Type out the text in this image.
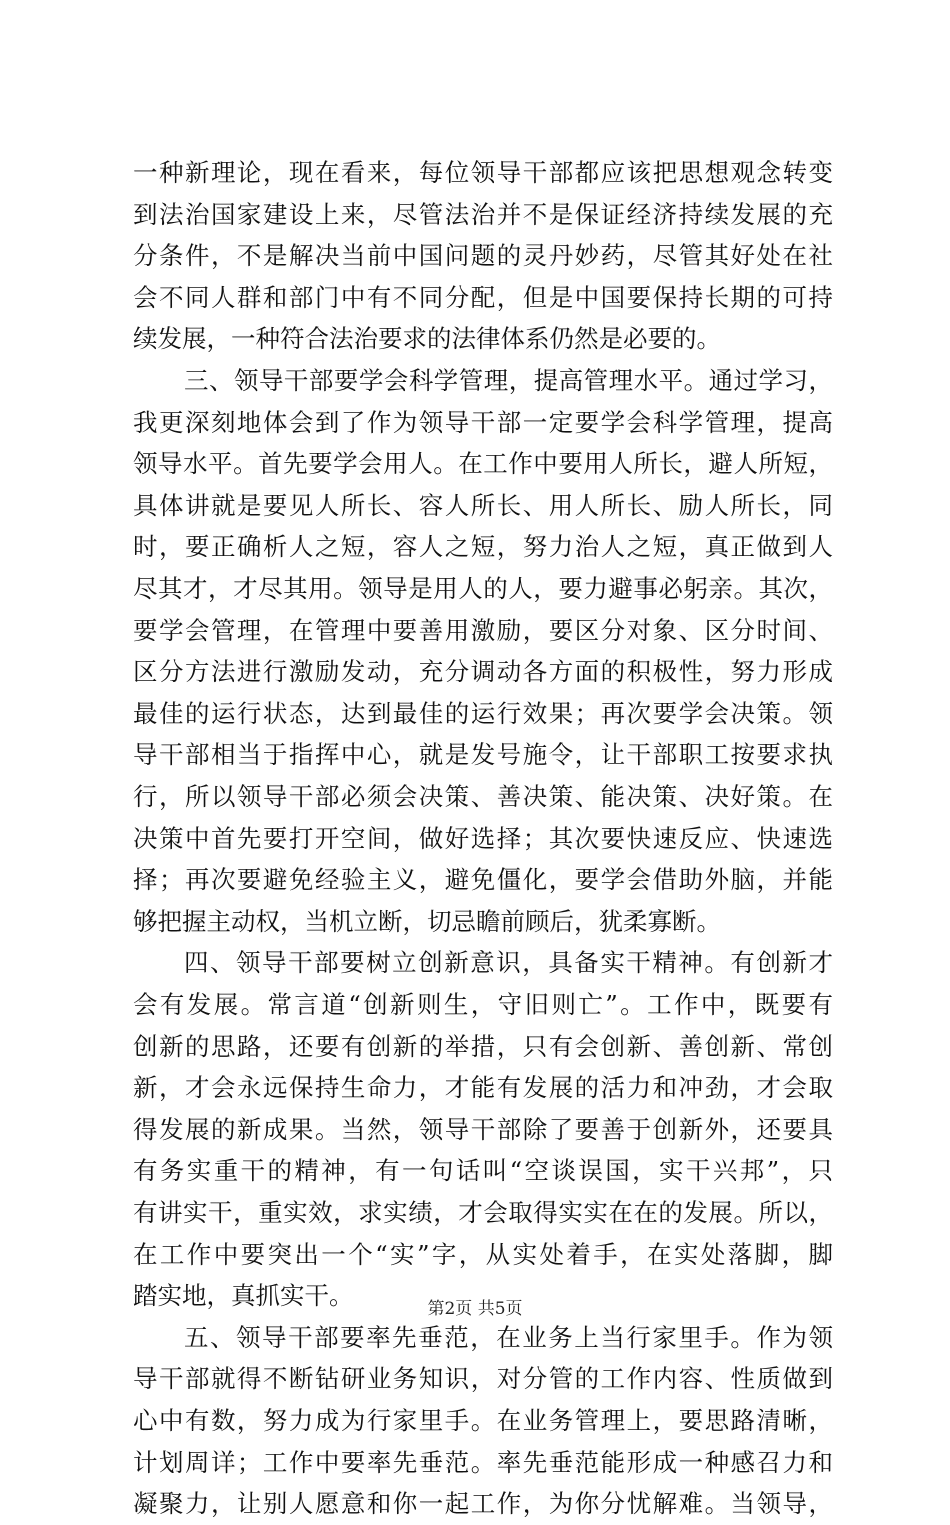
一种新理论，现在看来，每位领导干部都应该把思想观念转变
到法治国家建设上来，尽管法治并不是保证经济持续发展的充
分条件，不是解决当前中国问题的灵丹妙药，尽管其好处在社
会不同人群和部门中有不同分配，但是中国要保持长期的可持
续发展，一种符合法治要求的法律体系仍然是必要的。
三、领导干部要学会科学管理，提高管理水平。通过学习，
我更深刻地体会到了作为领导干部一定要学会科学管理，提高
领导水平。首先要学会用人。在工作中要用人所长，避人所短，
具体讲就是要见人所长、容人所长、用人所长、励人所长，同
时，要正确析人之短，容人之短，努力治人之短，真正做到人
尽其才，才尽其用。领导是用人的人，要力避事必躬亲。其次，
要学会管理，在管理中要善用激励，要区分对象、区分时间、
区分方法进行激励发动，充分调动各方面的积极性，努力形成
最佳的运行状态，达到最佳的运行效果；再次要学会决策。领
导干部相当于指挥中心，就是发号施令，让干部职工按要求执
行，所以领导干部必须会决策、善决策、能决策、决好策。在
决策中首先要打开空间，做好选择；其次要快速反应、快速选
择；再次要避免经验主义，避免僵化，要学会借助外脑，并能
够把握主动权，当机立断，切忌瞻前顾后，犹柔寡断。
四、领导干部要树立创新意识，具备实干精神。有创新才
会有发展。常言道“创新则生，守旧则亡”。工作中，既要有
创新的思路，还要有创新的举措，只有会创新、善创新、常创
新，才会永远保持生命力，才能有发展的活力和冲劲，才会取
得发展的新成果。当然，领导干部除了要善于创新外，还要具
有务实重干的精神，有一句话叫“空谈误国，实干兴邦”，只
有讲实干，重实效，求实绩，才会取得实实在在的发展。所以，
在工作中要突出一个“实”字，从实处着手，在实处落脚，脚
踏实地，真抓实干。
五、领导干部要率先垂范，在业务上当行家里手。作为领
导干部就得不断钻研业务知识，对分管的工作内容、性质做到
心中有数，努力成为行家里手。在业务管理上，要思路清晰，
计划周详；工作中要率先垂范。率先垂范能形成一种感召力和
凝聚力，让别人愿意和你一起工作，为你分忧解难。当领导，
第2页 共5页
